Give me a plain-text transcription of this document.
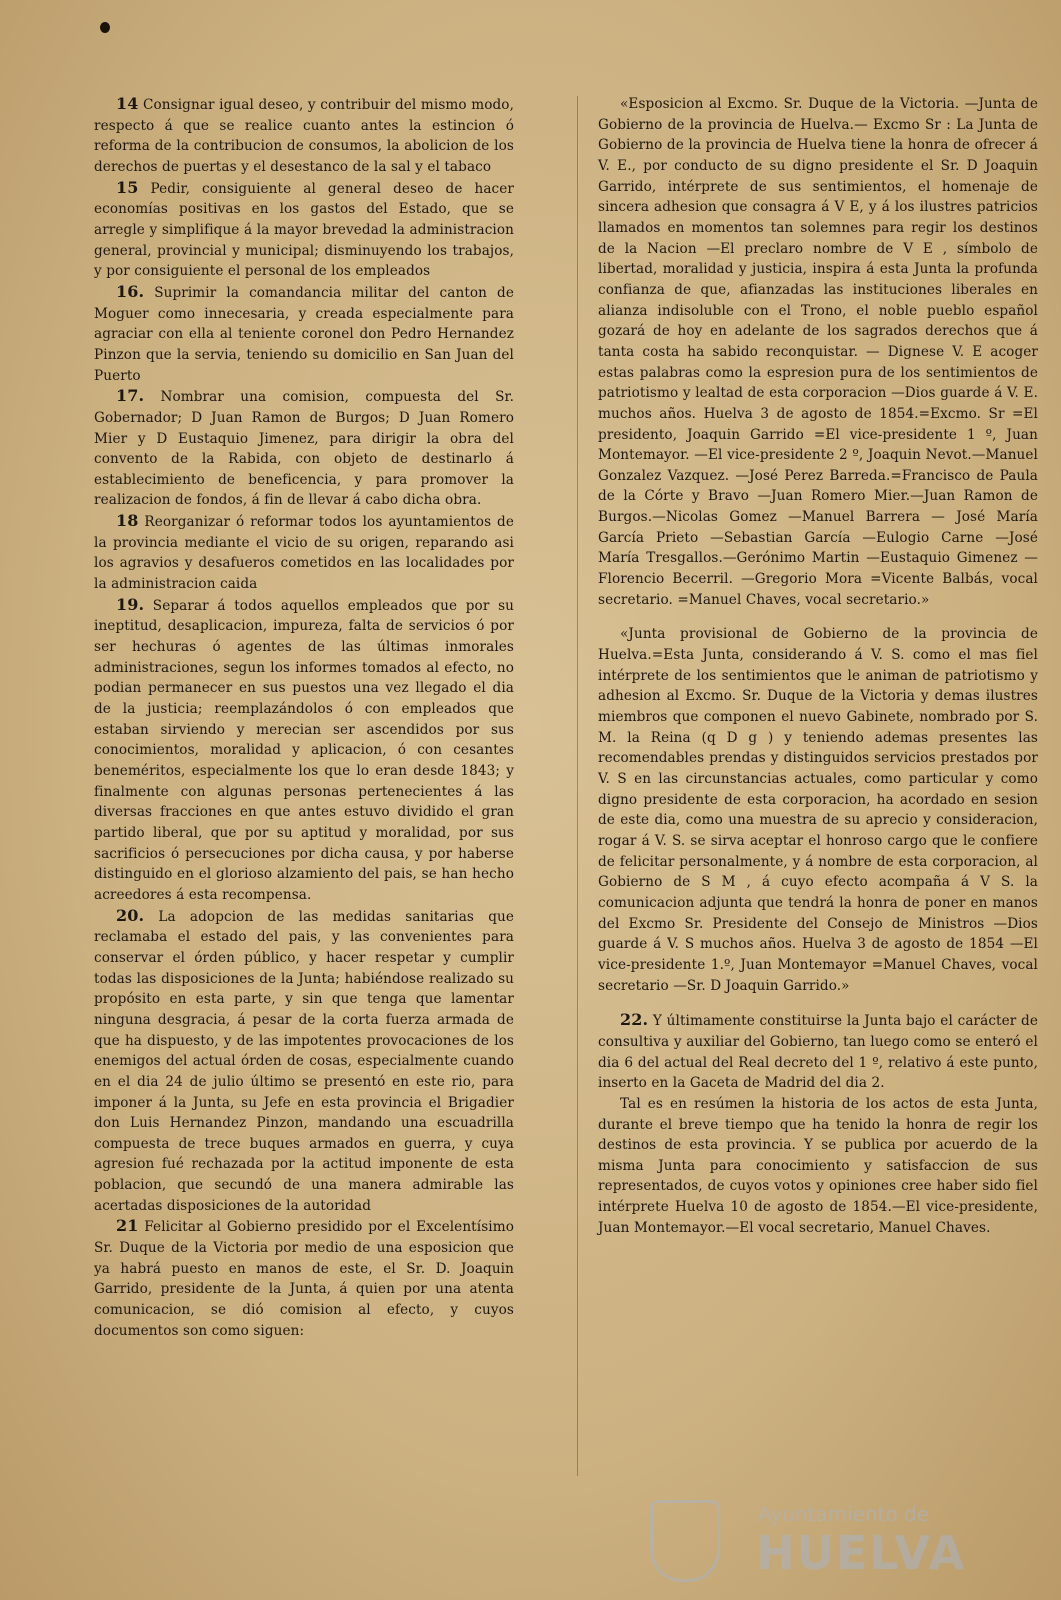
14 Consignar igual deseo, y contribuir del mismo modo, respecto á que se realice cuanto antes la estincion ó reforma de la contribucion de consumos, la abolicion de los derechos de puertas y el desestanco de la sal y el tabaco

15 Pedir, consiguiente al general deseo de hacer economías positivas en los gastos del Estado, que se arregle y simplifique á la mayor brevedad la administracion general, provincial y municipal; disminuyendo los trabajos, y por consiguiente el personal de los empleados

16. Suprimir la comandancia militar del canton de Moguer como innecesaria, y creada especialmente para agraciar con ella al teniente coronel don Pedro Hernandez Pinzon que la servia, teniendo su domicilio en San Juan del Puerto

17. Nombrar una comision, compuesta del Sr. Gobernador; D Juan Ramon de Burgos; D Juan Romero Mier y D Eustaquio Jimenez, para dirigir la obra del convento de la Rabida, con objeto de destinarlo á establecimiento de beneficencia, y para promover la realizacion de fondos, á fin de llevar á cabo dicha obra.

18 Reorganizar ó reformar todos los ayuntamientos de la provincia mediante el vicio de su origen, reparando asi los agravios y desafueros cometidos en las localidades por la administracion caida

19. Separar á todos aquellos empleados que por su ineptitud, desaplicacion, impureza, falta de servicios ó por ser hechuras ó agentes de las últimas inmorales administraciones, segun los informes tomados al efecto, no podian permanecer en sus puestos una vez llegado el dia de la justicia; reemplazándolos ó con empleados que estaban sirviendo y merecian ser ascendidos por sus conocimientos, moralidad y aplicacion, ó con cesantes beneméritos, especialmente los que lo eran desde 1843; y finalmente con algunas personas pertenecientes á las diversas fracciones en que antes estuvo dividido el gran partido liberal, que por su aptitud y moralidad, por sus sacrificios ó persecuciones por dicha causa, y por haberse distinguido en el glorioso alzamiento del pais, se han hecho acreedores á esta recompensa.

20. La adopcion de las medidas sanitarias que reclamaba el estado del pais, y las convenientes para conservar el órden público, y hacer respetar y cumplir todas las disposiciones de la Junta; habiéndose realizado su propósito en esta parte, y sin que tenga que lamentar ninguna desgracia, á pesar de la corta fuerza armada de que ha dispuesto, y de las impotentes provocaciones de los enemigos del actual órden de cosas, especialmente cuando en el dia 24 de julio último se presentó en este rio, para imponer á la Junta, su Jefe en esta provincia el Brigadier don Luis Hernandez Pinzon, mandando una escuadrilla compuesta de trece buques armados en guerra, y cuya agresion fué rechazada por la actitud imponente de esta poblacion, que secundó de una manera admirable las acertadas disposiciones de la autoridad

21 Felicitar al Gobierno presidido por el Excelentísimo Sr. Duque de la Victoria por medio de una esposicion que ya habrá puesto en manos de este, el Sr. D. Joaquin Garrido, presidente de la Junta, á quien por una atenta comunicacion, se dió comision al efecto, y cuyos documentos son como siguen:

«Esposicion al Excmo. Sr. Duque de la Victoria. —Junta de Gobierno de la provincia de Huelva.— Excmo Sr : La Junta de Gobierno de la provincia de Huelva tiene la honra de ofrecer á V. E., por conducto de su digno presidente el Sr. D Joaquin Garrido, intérprete de sus sentimientos, el homenaje de sincera adhesion que consagra á V E, y á los ilustres patricios llamados en momentos tan solemnes para regir los destinos de la Nacion —El preclaro nombre de V E , símbolo de libertad, moralidad y justicia, inspira á esta Junta la profunda confianza de que, afianzadas las instituciones liberales en alianza indisoluble con el Trono, el noble pueblo español gozará de hoy en adelante de los sagrados derechos que á tanta costa ha sabido reconquistar. — Dignese V. E acoger estas palabras como la espresion pura de los sentimientos de patriotismo y lealtad de esta corporacion —Dios guarde á V. E. muchos años. Huelva 3 de agosto de 1854.=Excmo. Sr =El presidento, Joaquin Garrido =El vice-presidente 1 º, Juan Montemayor. —El vice-presidente 2 º, Joaquin Nevot.—Manuel Gonzalez Vazquez. —José Perez Barreda.=Francisco de Paula de la Córte y Bravo —Juan Romero Mier.—Juan Ramon de Burgos.—Nicolas Gomez —Manuel Barrera — José María García Prieto —Sebastian García —Eulogio Carne —José María Tresgallos.—Gerónimo Martin —Eustaquio Gimenez —Florencio Becerril. —Gregorio Mora =Vicente Balbás, vocal secretario. =Manuel Chaves, vocal secretario.»

«Junta provisional de Gobierno de la provincia de Huelva.=Esta Junta, considerando á V. S. como el mas fiel intérprete de los sentimientos que le animan de patriotismo y adhesion al Excmo. Sr. Duque de la Victoria y demas ilustres miembros que componen el nuevo Gabinete, nombrado por S. M. la Reina (q D g ) y teniendo ademas presentes las recomendables prendas y distinguidos servicios prestados por V. S en las circunstancias actuales, como particular y como digno presidente de esta corporacion, ha acordado en sesion de este dia, como una muestra de su aprecio y consideracion, rogar á V. S. se sirva aceptar el honroso cargo que le confiere de felicitar personalmente, y á nombre de esta corporacion, al Gobierno de S M , á cuyo efecto acompaña á V S. la comunicacion adjunta que tendrá la honra de poner en manos del Excmo Sr. Presidente del Consejo de Ministros —Dios guarde á V. S muchos años. Huelva 3 de agosto de 1854 —El vice-presidente 1.º, Juan Montemayor =Manuel Chaves, vocal secretario —Sr. D Joaquin Garrido.»

22. Y últimamente constituirse la Junta bajo el carácter de consultiva y auxiliar del Gobierno, tan luego como se enteró el dia 6 del actual del Real decreto del 1 º, relativo á este punto, inserto en la Gaceta de Madrid del dia 2.

Tal es en resúmen la historia de los actos de esta Junta, durante el breve tiempo que ha tenido la honra de regir los destinos de esta provincia. Y se publica por acuerdo de la misma Junta para conocimiento y satisfaccion de sus representados, de cuyos votos y opiniones cree haber sido fiel intérprete Huelva 10 de agosto de 1854.—El vice-presidente, Juan Montemayor.—El vocal secretario, Manuel Chaves.

Ayuntamiento de
HUELVA
